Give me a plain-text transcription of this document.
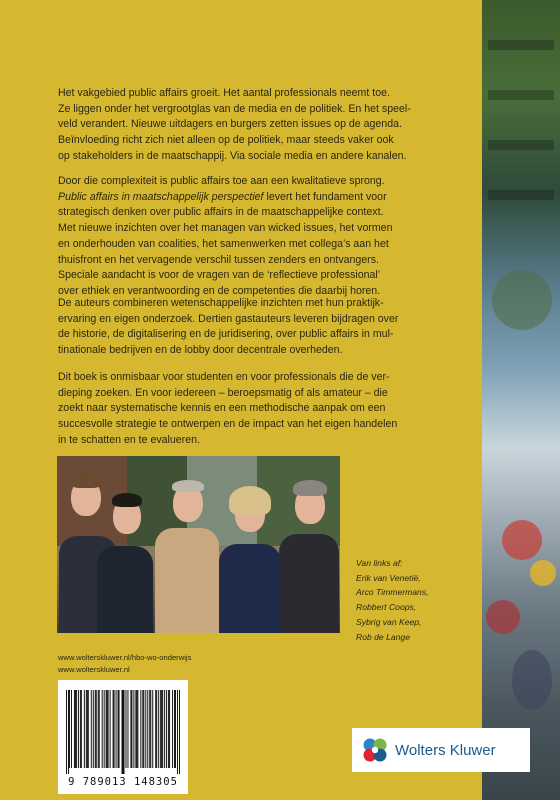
Het vakgebied public affairs groeit. Het aantal professionals neemt toe.
Ze liggen onder het vergrootglas van de media en de politiek. En het speel-
veld verandert. Nieuwe uitdagers en burgers zetten issues op de agenda.
Beïnvloeding richt zich niet alleen op de politiek, maar steeds vaker ook
op stakeholders in de maatschappij. Via sociale media en andere kanalen.
Door die complexiteit is public affairs toe aan een kwalitatieve sprong.
Public affairs in maatschappelijk perspectief levert het fundament voor
strategisch denken over public affairs in de maatschappelijke context.
Met nieuwe inzichten over het managen van wicked issues, het vormen
en onderhouden van coalities, het samenwerken met collega’s aan het
thuisfront en het vervagende verschil tussen zenders en ontvangers.
Speciale aandacht is voor de vragen van de ‘reflectieve professional’
over ethiek en verantwoording en de competenties die daarbij horen.
De auteurs combineren wetenschappelijke inzichten met hun praktijk-
ervaring en eigen onderzoek. Dertien gastauteurs leveren bijdragen over
de historie, de digitalisering en de juridisering, over public affairs in mul-
tinationale bedrijven en de lobby door decentrale overheden.
Dit boek is onmisbaar voor studenten en voor professionals die de ver-
dieping zoeken. En voor iedereen – beroepsmatig of als amateur – die
zoekt naar systematische kennis en een methodische aanpak om een
succesvolle strategie te ontwerpen en de impact van het eigen handelen
in te schatten en te evalueren.
Van links af:
Erik van Venetië,
Arco Timmermans,
Robbert Coops,
Sybrig van Keep,
Rob de Lange
www.wolterskluwer.nl/hbo-wo-onderwijs
www.wolterskluwer.nl
9 789013 148305
Wolters Kluwer
